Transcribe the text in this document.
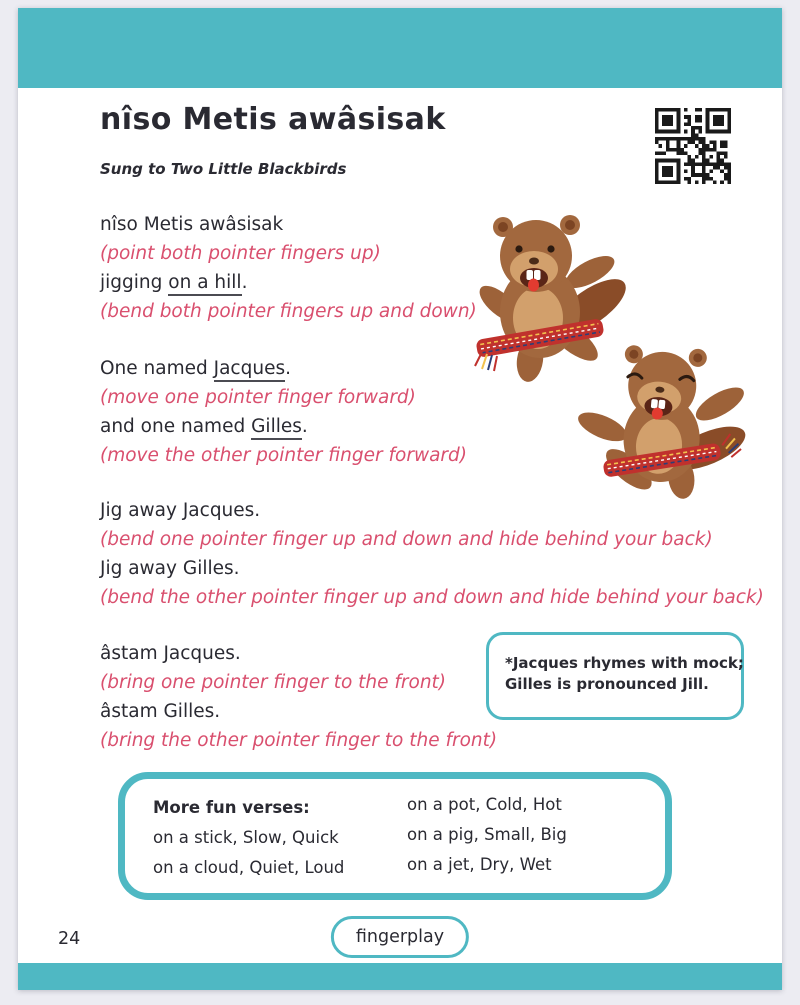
nîso Metis awâsisak
Sung to Two Little Blackbirds
nîso Metis awâsisak
(point both pointer fingers up)
jigging on a hill.
(bend both pointer fingers up and down)
One named Jacques.
(move one pointer finger forward)
and one named Gilles.
(move the other pointer finger forward)
Jig away Jacques.
(bend one pointer finger up and down and hide behind your back)
Jig away Gilles.
(bend the other pointer finger up and down and hide behind your back)
âstam Jacques.
(bring one pointer finger to the front)
âstam Gilles.
(bring the other pointer finger to the front)
*Jacques rhymes with mock;
Gilles is pronounced Jill.
More fun verses:
on a stick, Slow, Quick
on a cloud, Quiet, Loud
on a pot, Cold, Hot
on a pig, Small, Big
on a jet, Dry, Wet
24	fingerplay
